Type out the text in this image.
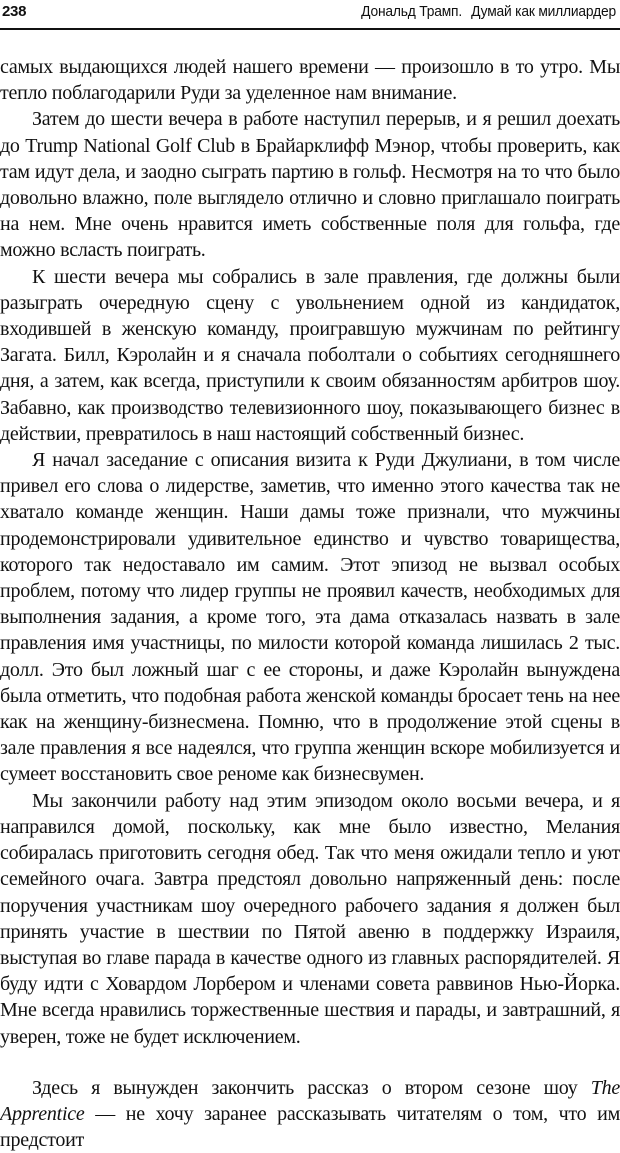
238	Дональд Трамп. Думай как миллиардер

самых выдающихся людей нашего времени — произошло в то утро. Мы тепло поблагодарили Руди за уделенное нам внимание.

Затем до шести вечера в работе наступил перерыв, и я решил доехать до Trump National Golf Club в Брайарклифф Мэнор, чтобы проверить, как там идут дела, и заодно сыграть партию в гольф. Несмотря на то что было довольно влажно, поле выглядело отлично и словно приглашало поиграть на нем. Мне очень нравится иметь собственные поля для гольфа, где можно всласть поиграть.

К шести вечера мы собрались в зале правления, где должны были разыграть очередную сцену с увольнением одной из кандидаток, входившей в женскую команду, проигравшую мужчинам по рейтингу Загата. Билл, Кэролайн и я сначала поболтали о событиях сегодняшнего дня, а затем, как всегда, приступили к своим обязанностям арбитров шоу. Забавно, как производство телевизионного шоу, показывающего бизнес в действии, превратилось в наш настоящий собственный бизнес.

Я начал заседание с описания визита к Руди Джулиани, в том числе привел его слова о лидерстве, заметив, что именно этого качества так не хватало команде женщин. Наши дамы тоже признали, что мужчины продемонстрировали удивительное единство и чувство товарищества, которого так недоставало им самим. Этот эпизод не вызвал особых проблем, потому что лидер группы не проявил качеств, необходимых для выполнения задания, а кроме того, эта дама отказалась назвать в зале правления имя участницы, по милости которой команда лишилась 2 тыс. долл. Это был ложный шаг с ее стороны, и даже Кэролайн вынуждена была отметить, что подобная работа женской команды бросает тень на нее как на женщину-бизнесмена. Помню, что в продолжение этой сцены в зале правления я все надеялся, что группа женщин вскоре мобилизуется и сумеет восстановить свое реноме как бизнесвумен.

Мы закончили работу над этим эпизодом около восьми вечера, и я направился домой, поскольку, как мне было известно, Мелания собиралась приготовить сегодня обед. Так что меня ожидали тепло и уют семейного очага. Завтра предстоял довольно напряженный день: после поручения участникам шоу очередного рабочего задания я должен был принять участие в шествии по Пятой авеню в поддержку Израиля, выступая во главе парада в качестве одного из главных распорядителей. Я буду идти с Ховардом Лорбером и членами совета раввинов Нью-Йорка. Мне всегда нравились торжественные шествия и парады, и завтрашний, я уверен, тоже не будет исключением.

Здесь я вынужден закончить рассказ о втором сезоне шоу The Apprentice — не хочу заранее рассказывать читателям о том, что им предстоит
